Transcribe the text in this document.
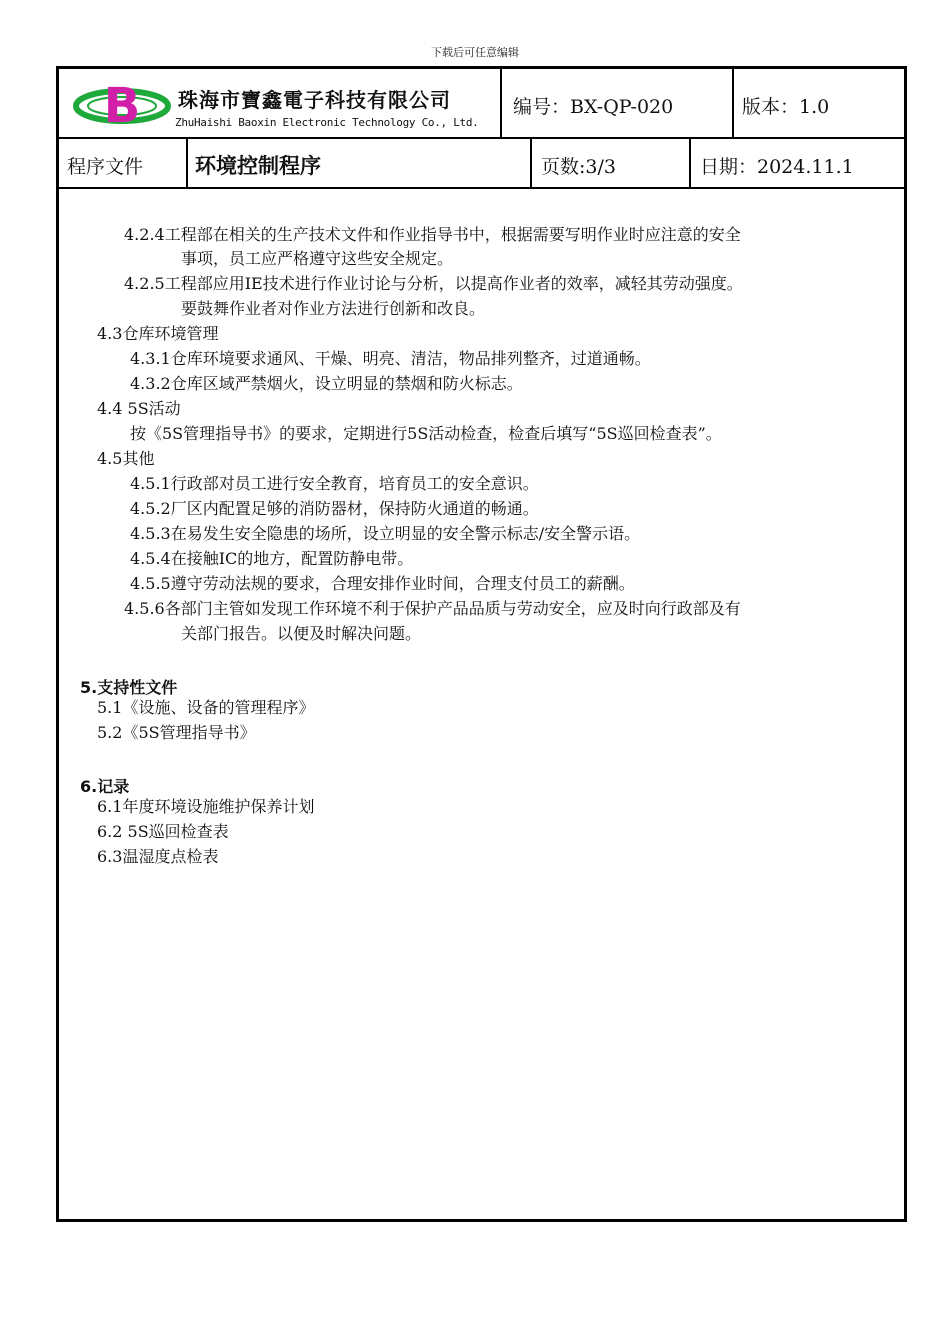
下载后可任意编辑
B 珠海市寶鑫電子科技有限公司
ZhuHaishi Baoxin Electronic Technology Co., Ltd.
编号：BX-QP-020	版本：1.0
程序文件 环境控制程序	页数:3/3	日期：2024.11.1
4.2.4工程部在相关的生产技术文件和作业指导书中，根据需要写明作业时应注意的安全
事项，员工应严格遵守这些安全规定。
4.2.5工程部应用IE技术进行作业讨论与分析，以提高作业者的效率，减轻其劳动强度。
要鼓舞作业者对作业方法进行创新和改良。
4.3仓库环境管理
4.3.1仓库环境要求通风、干燥、明亮、清洁，物品排列整齐，过道通畅。
4.3.2仓库区域严禁烟火，设立明显的禁烟和防火标志。
4.4 5S活动
按《5S管理指导书》的要求，定期进行5S活动检查，检查后填写“5S巡回检查表”。
4.5其他
4.5.1行政部对员工进行安全教育，培育员工的安全意识。
4.5.2厂区内配置足够的消防器材，保持防火通道的畅通。
4.5.3在易发生安全隐患的场所，设立明显的安全警示标志/安全警示语。
4.5.4在接触IC的地方，配置防静电带。
4.5.5遵守劳动法规的要求，合理安排作业时间，合理支付员工的薪酬。
4.5.6各部门主管如发现工作环境不利于保护产品品质与劳动安全，应及时向行政部及有
关部门报告。以便及时解决问题。
5.支持性文件
5.1《设施、设备的管理程序》
5.2《5S管理指导书》
6.记录
6.1年度环境设施维护保养计划
6.2 5S巡回检查表
6.3温湿度点检表
